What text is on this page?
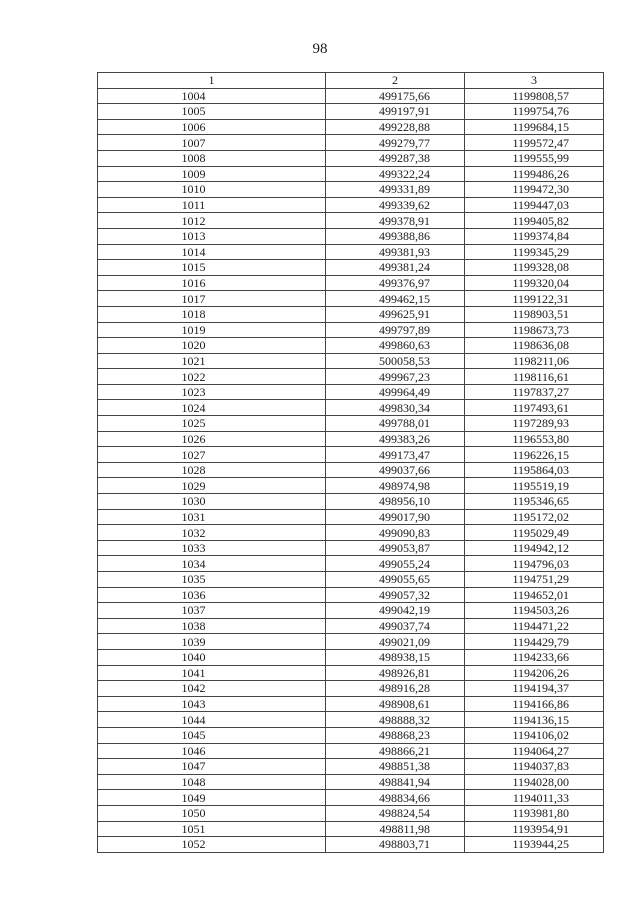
98
1	2	3
1004	499175,66	1199808,57
1005	499197,91	1199754,76
1006	499228,88	1199684,15
1007	499279,77	1199572,47
1008	499287,38	1199555,99
1009	499322,24	1199486,26
1010	499331,89	1199472,30
1011	499339,62	1199447,03
1012	499378,91	1199405,82
1013	499388,86	1199374,84
1014	499381,93	1199345,29
1015	499381,24	1199328,08
1016	499376,97	1199320,04
1017	499462,15	1199122,31
1018	499625,91	1198903,51
1019	499797,89	1198673,73
1020	499860,63	1198636,08
1021	500058,53	1198211,06
1022	499967,23	1198116,61
1023	499964,49	1197837,27
1024	499830,34	1197493,61
1025	499788,01	1197289,93
1026	499383,26	1196553,80
1027	499173,47	1196226,15
1028	499037,66	1195864,03
1029	498974,98	1195519,19
1030	498956,10	1195346,65
1031	499017,90	1195172,02
1032	499090,83	1195029,49
1033	499053,87	1194942,12
1034	499055,24	1194796,03
1035	499055,65	1194751,29
1036	499057,32	1194652,01
1037	499042,19	1194503,26
1038	499037,74	1194471,22
1039	499021,09	1194429,79
1040	498938,15	1194233,66
1041	498926,81	1194206,26
1042	498916,28	1194194,37
1043	498908,61	1194166,86
1044	498888,32	1194136,15
1045	498868,23	1194106,02
1046	498866,21	1194064,27
1047	498851,38	1194037,83
1048	498841,94	1194028,00
1049	498834,66	1194011,33
1050	498824,54	1193981,80
1051	498811,98	1193954,91
1052	498803,71	1193944,25
